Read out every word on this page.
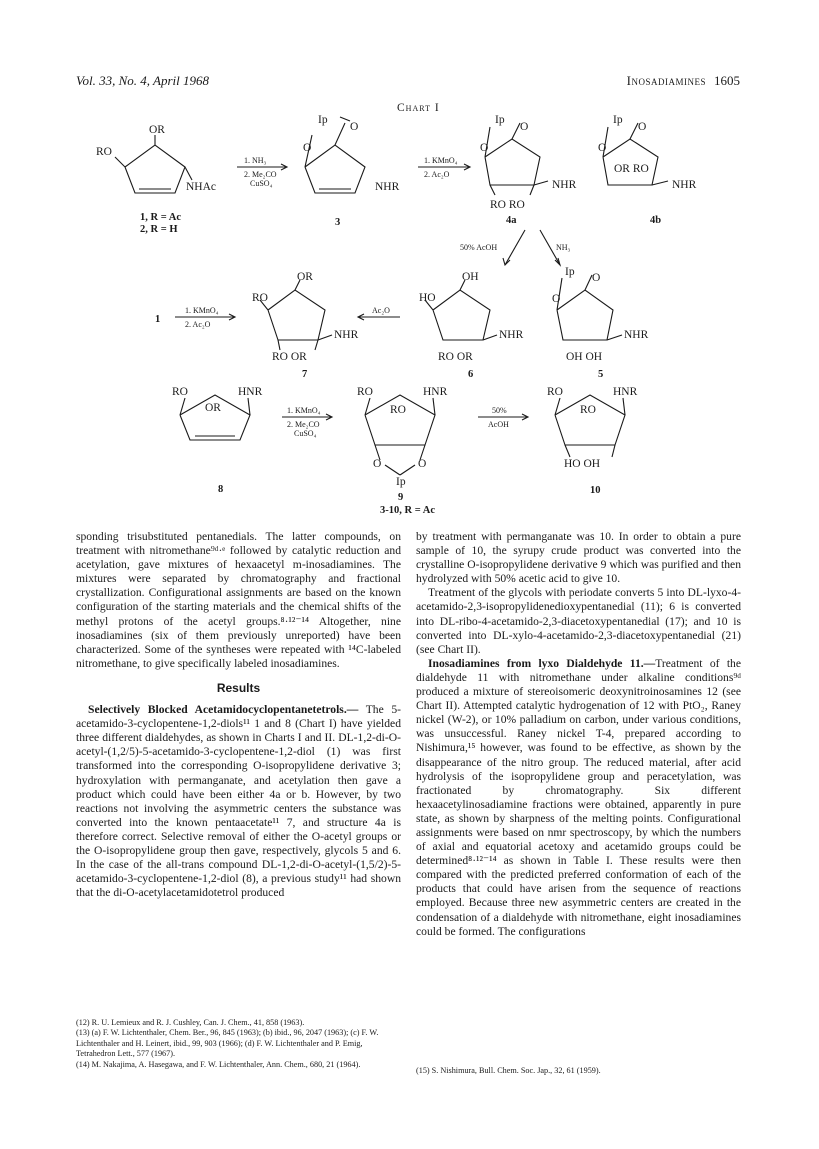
Vol. 33, No. 4, April 1968	Inosadiamines 1605
Chart I
OR
RO
NHAc
1, R = Ac
2, R = H
1. NH₃
2. Me₂CO
CuSO₄
Ip
O
O
NHR
3
1. KMnO₄
2. Ac₂O
Ip
O
O
NHR
RO RO
4a
Ip
O
O
OR RO
NHR
4b
50% AcOH	NH₃
1
1. KMnO₄
2. Ac₂O
OR
RO
NHR
RO OR
7
Ac₂O
OH
HO
NHR
RO OR
6
Ip O
O
NHR
OH OH
5
RO	HNR
OR
8
1. KMnO₄
2. Me₂CO
CuSO₄
RO	HNR
RO
O	O
Ip
9
50%
AcOH
RO	HNR
RO
HO OH
10
3-10, R = Ac

sponding trisubstituted pentanedials. The latter compounds, on treatment with nitromethane⁹ᵈ·ᵉ followed by catalytic reduction and acetylation, gave mixtures of hexaacetyl m-inosadiamines. The mixtures were separated by chromatography and fractional crystallization. Configurational assignments are based on the known configuration of the starting materials and the chemical shifts of the methyl protons of the acetyl groups.⁸·¹²⁻¹⁴ Altogether, nine inosadiamines (six of them previously unreported) have been characterized. Some of the syntheses were repeated with ¹⁴C-labeled nitromethane, to give specifically labeled inosadiamines.

Results

Selectively Blocked Acetamidocyclopentanetetrols.— The 5-acetamido-3-cyclopentene-1,2-diols¹¹ 1 and 8 (Chart I) have yielded three different dialdehydes, as shown in Charts I and II. DL-1,2-di-O-acetyl-(1,2/5)-5-acetamido-3-cyclopentene-1,2-diol (1) was first transformed into the corresponding O-isopropylidene derivative 3; hydroxylation with permanganate, and acetylation then gave a product which could have been either 4a or b. However, by two reactions not involving the asymmetric centers the substance was converted into the known pentaacetate¹¹ 7, and structure 4a is therefore correct. Selective removal of either the O-acetyl groups or the O-isopropylidene group then gave, respectively, glycols 5 and 6. In the case of the all-trans compound DL-1,2-di-O-acetyl-(1,5/2)-5-acetamido-3-cyclopentene-1,2-diol (8), a previous study¹¹ had shown that the di-O-acetylacetamidotetrol produced

by treatment with permanganate was 10. In order to obtain a pure sample of 10, the syrupy crude product was converted into the crystalline O-isopropylidene derivative 9 which was purified and then hydrolyzed with 50% acetic acid to give 10.

Treatment of the glycols with periodate converts 5 into DL-lyxo-4-acetamido-2,3-isopropylidenedioxypentanedial (11); 6 is converted into DL-ribo-4-acetamido-2,3-diacetoxypentanedial (17); and 10 is converted into DL-xylo-4-acetamido-2,3-diacetoxypentanedial (21) (see Chart II).

Inosadiamines from lyxo Dialdehyde 11.—Treatment of the dialdehyde 11 with nitromethane under alkaline conditions⁹ᵈ produced a mixture of stereoisomeric deoxynitroinosamines 12 (see Chart II). Attempted catalytic hydrogenation of 12 with PtO₂, Raney nickel (W-2), or 10% palladium on carbon, under various conditions, was unsuccessful. Raney nickel T-4, prepared according to Nishimura,¹⁵ however, was found to be effective, as shown by the disappearance of the nitro group. The reduced material, after acid hydrolysis of the isopropylidene group and peracetylation, was fractionated by chromatography. Six different hexaacetylinosadiamine fractions were obtained, apparently in pure state, as shown by sharpness of the melting points. Configurational assignments were based on nmr spectroscopy, by which the numbers of axial and equatorial acetoxy and acetamido groups could be determined⁸·¹²⁻¹⁴ as shown in Table I. These results were then compared with the predicted preferred conformation of each of the products that could have arisen from the sequence of reactions employed. Because three new asymmetric centers are created in the condensation of a dialdehyde with nitromethane, eight inosadiamines could be formed. The configurations

(12) R. U. Lemieux and R. J. Cushley, Can. J. Chem., 41, 858 (1963).

(13) (a) F. W. Lichtenthaler, Chem. Ber., 96, 845 (1963); (b) ibid., 96, 2047 (1963); (c) F. W. Lichtenthaler and H. Leinert, ibid., 99, 903 (1966); (d) F. W. Lichtenthaler and P. Emig, Tetrahedron Lett., 577 (1967).

(14) M. Nakajima, A. Hasegawa, and F. W. Lichtenthaler, Ann. Chem., 680, 21 (1964).

(15) S. Nishimura, Bull. Chem. Soc. Jap., 32, 61 (1959).
